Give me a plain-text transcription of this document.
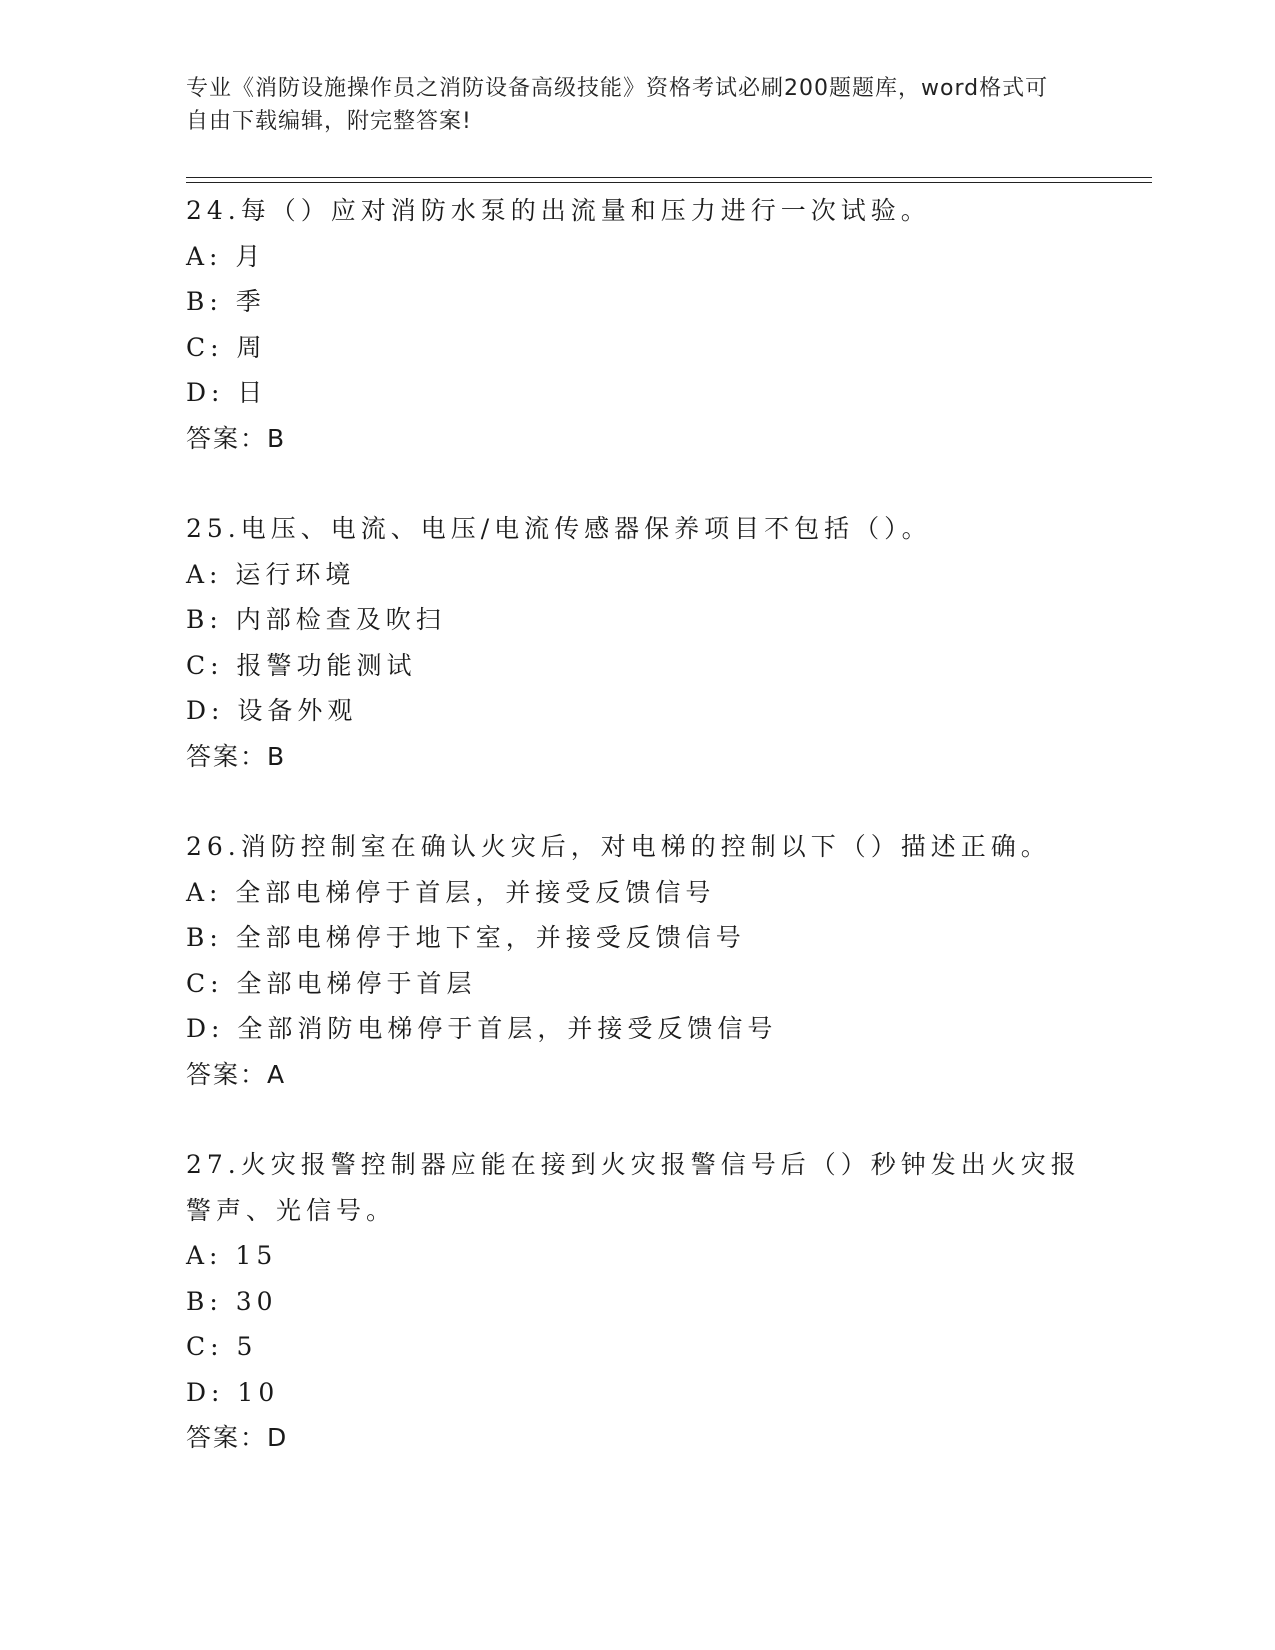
专业《消防设施操作员之消防设备高级技能》资格考试必刷200题题库，word格式可自由下载编辑，附完整答案!
24.每（）应对消防水泵的出流量和压力进行一次试验。
A: 月
B: 季
C: 周
D: 日
答案：B
25.电压、电流、电压/电流传感器保养项目不包括（）。
A: 运行环境
B: 内部检查及吹扫
C: 报警功能测试
D: 设备外观
答案：B
26.消防控制室在确认火灾后，对电梯的控制以下（）描述正确。
A: 全部电梯停于首层，并接受反馈信号
B: 全部电梯停于地下室，并接受反馈信号
C: 全部电梯停于首层
D: 全部消防电梯停于首层，并接受反馈信号
答案：A
27.火灾报警控制器应能在接到火灾报警信号后（）秒钟发出火灾报警声、光信号。
A: 15
B: 30
C: 5
D: 10
答案：D
